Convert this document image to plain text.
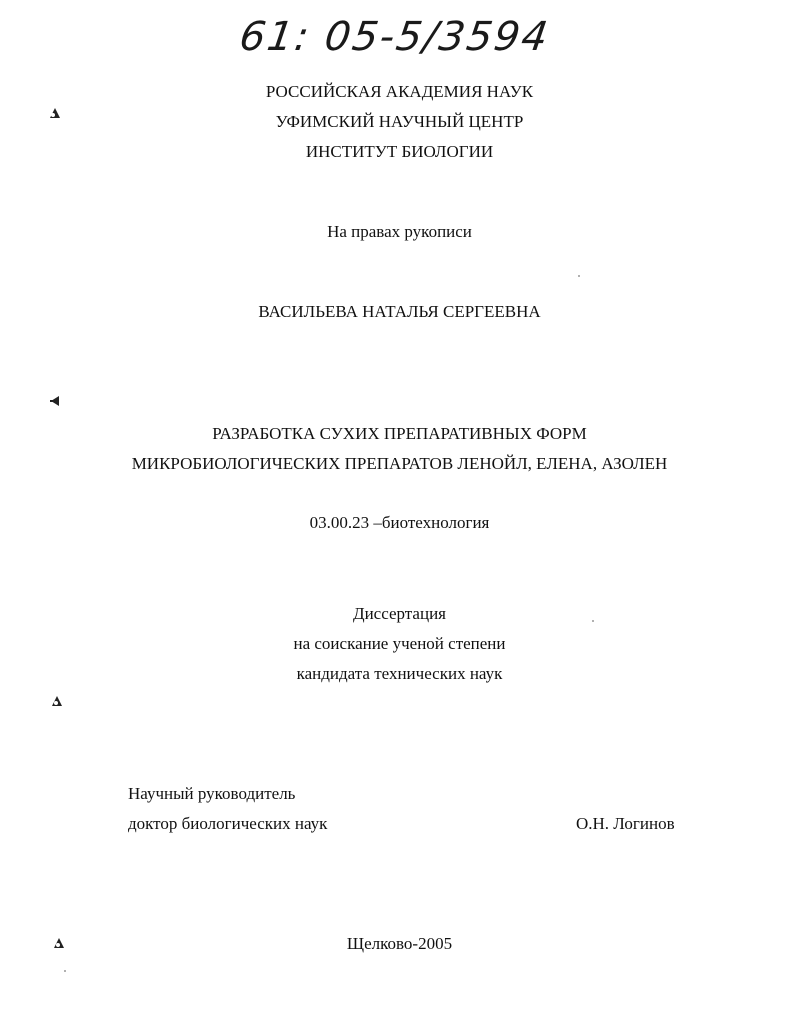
61: 05-5/3594
РОССИЙСКАЯ АКАДЕМИЯ НАУК
УФИМСКИЙ НАУЧНЫЙ ЦЕНТР
ИНСТИТУТ БИОЛОГИИ
На правах рукописи
ВАСИЛЬЕВА НАТАЛЬЯ СЕРГЕЕВНА
РАЗРАБОТКА СУХИХ ПРЕПАРАТИВНЫХ ФОРМ
МИКРОБИОЛОГИЧЕСКИХ ПРЕПАРАТОВ ЛЕНОЙЛ, ЕЛЕНА, АЗОЛЕН
03.00.23 –биотехнология
Диссертация
на соискание ученой степени
кандидата технических наук
Научный руководитель
доктор биологических наук	О.Н. Логинов
Щелково-2005
